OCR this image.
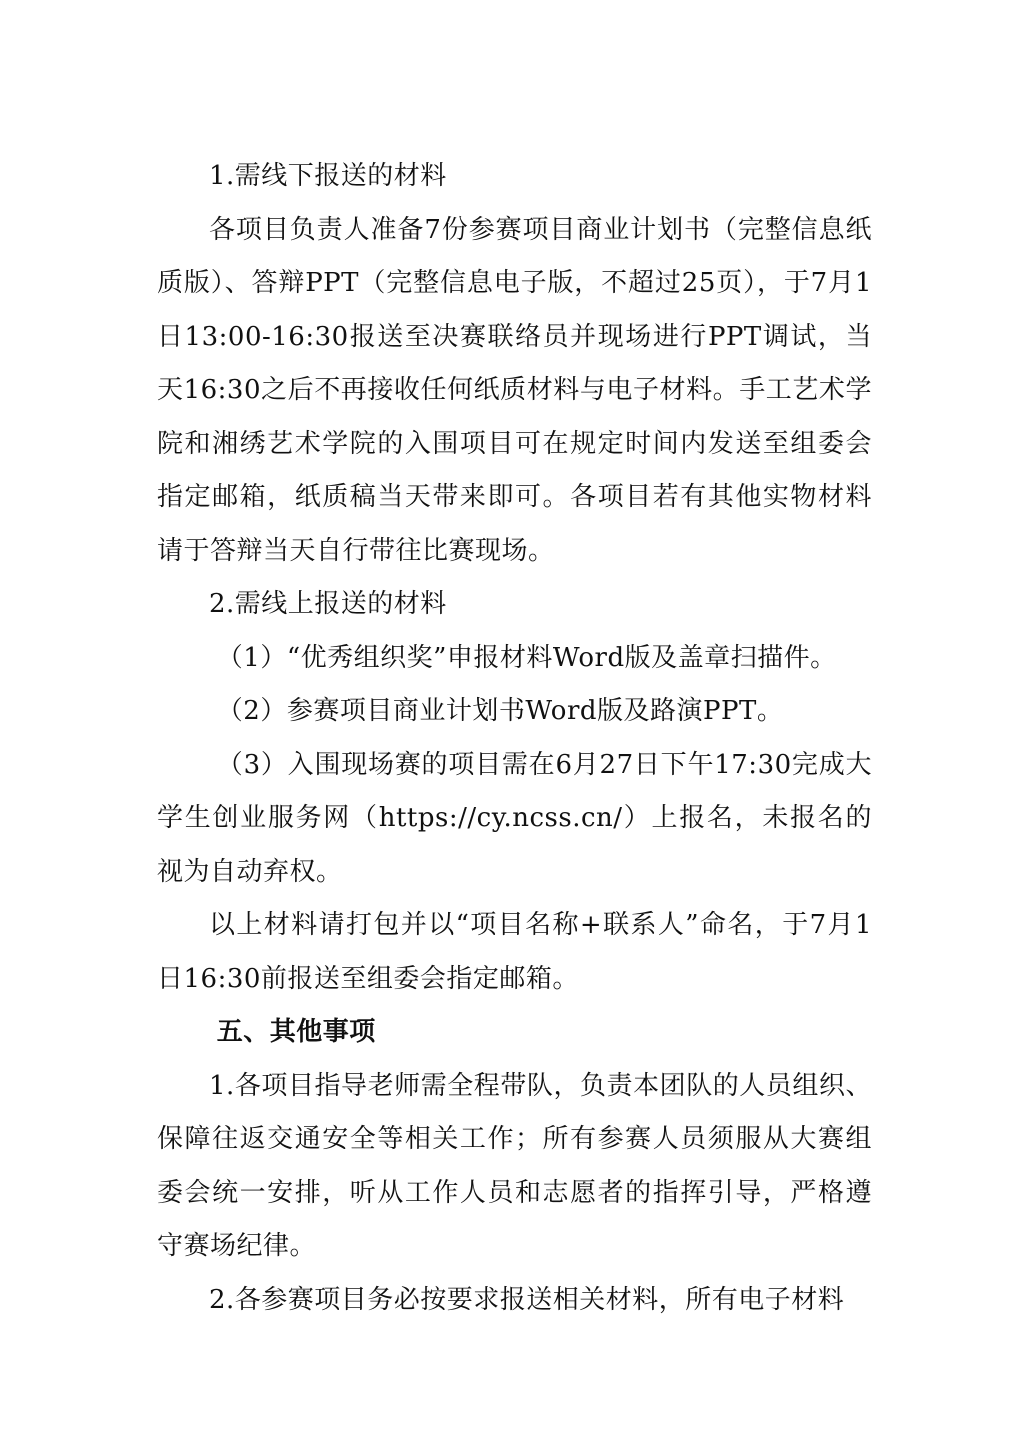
1.需线下报送的材料

各项目负责人准备7份参赛项目商业计划书（完整信息纸质版）、答辩PPT（完整信息电子版，不超过25页），于7月1日13:00-16:30报送至决赛联络员并现场进行PPT调试，当天16:30之后不再接收任何纸质材料与电子材料。手工艺术学院和湘绣艺术学院的入围项目可在规定时间内发送至组委会指定邮箱，纸质稿当天带来即可。各项目若有其他实物材料请于答辩当天自行带往比赛现场。

2.需线上报送的材料

（1）“优秀组织奖”申报材料Word版及盖章扫描件。

（2）参赛项目商业计划书Word版及路演PPT。

（3）入围现场赛的项目需在6月27日下午17:30完成大学生创业服务网（https://cy.ncss.cn/）上报名，未报名的视为自动弃权。

以上材料请打包并以“项目名称+联系人”命名，于7月1日16:30前报送至组委会指定邮箱。

五、其他事项

1.各项目指导老师需全程带队，负责本团队的人员组织、保障往返交通安全等相关工作；所有参赛人员须服从大赛组委会统一安排，听从工作人员和志愿者的指挥引导，严格遵守赛场纪律。

2.各参赛项目务必按要求报送相关材料，所有电子材料
